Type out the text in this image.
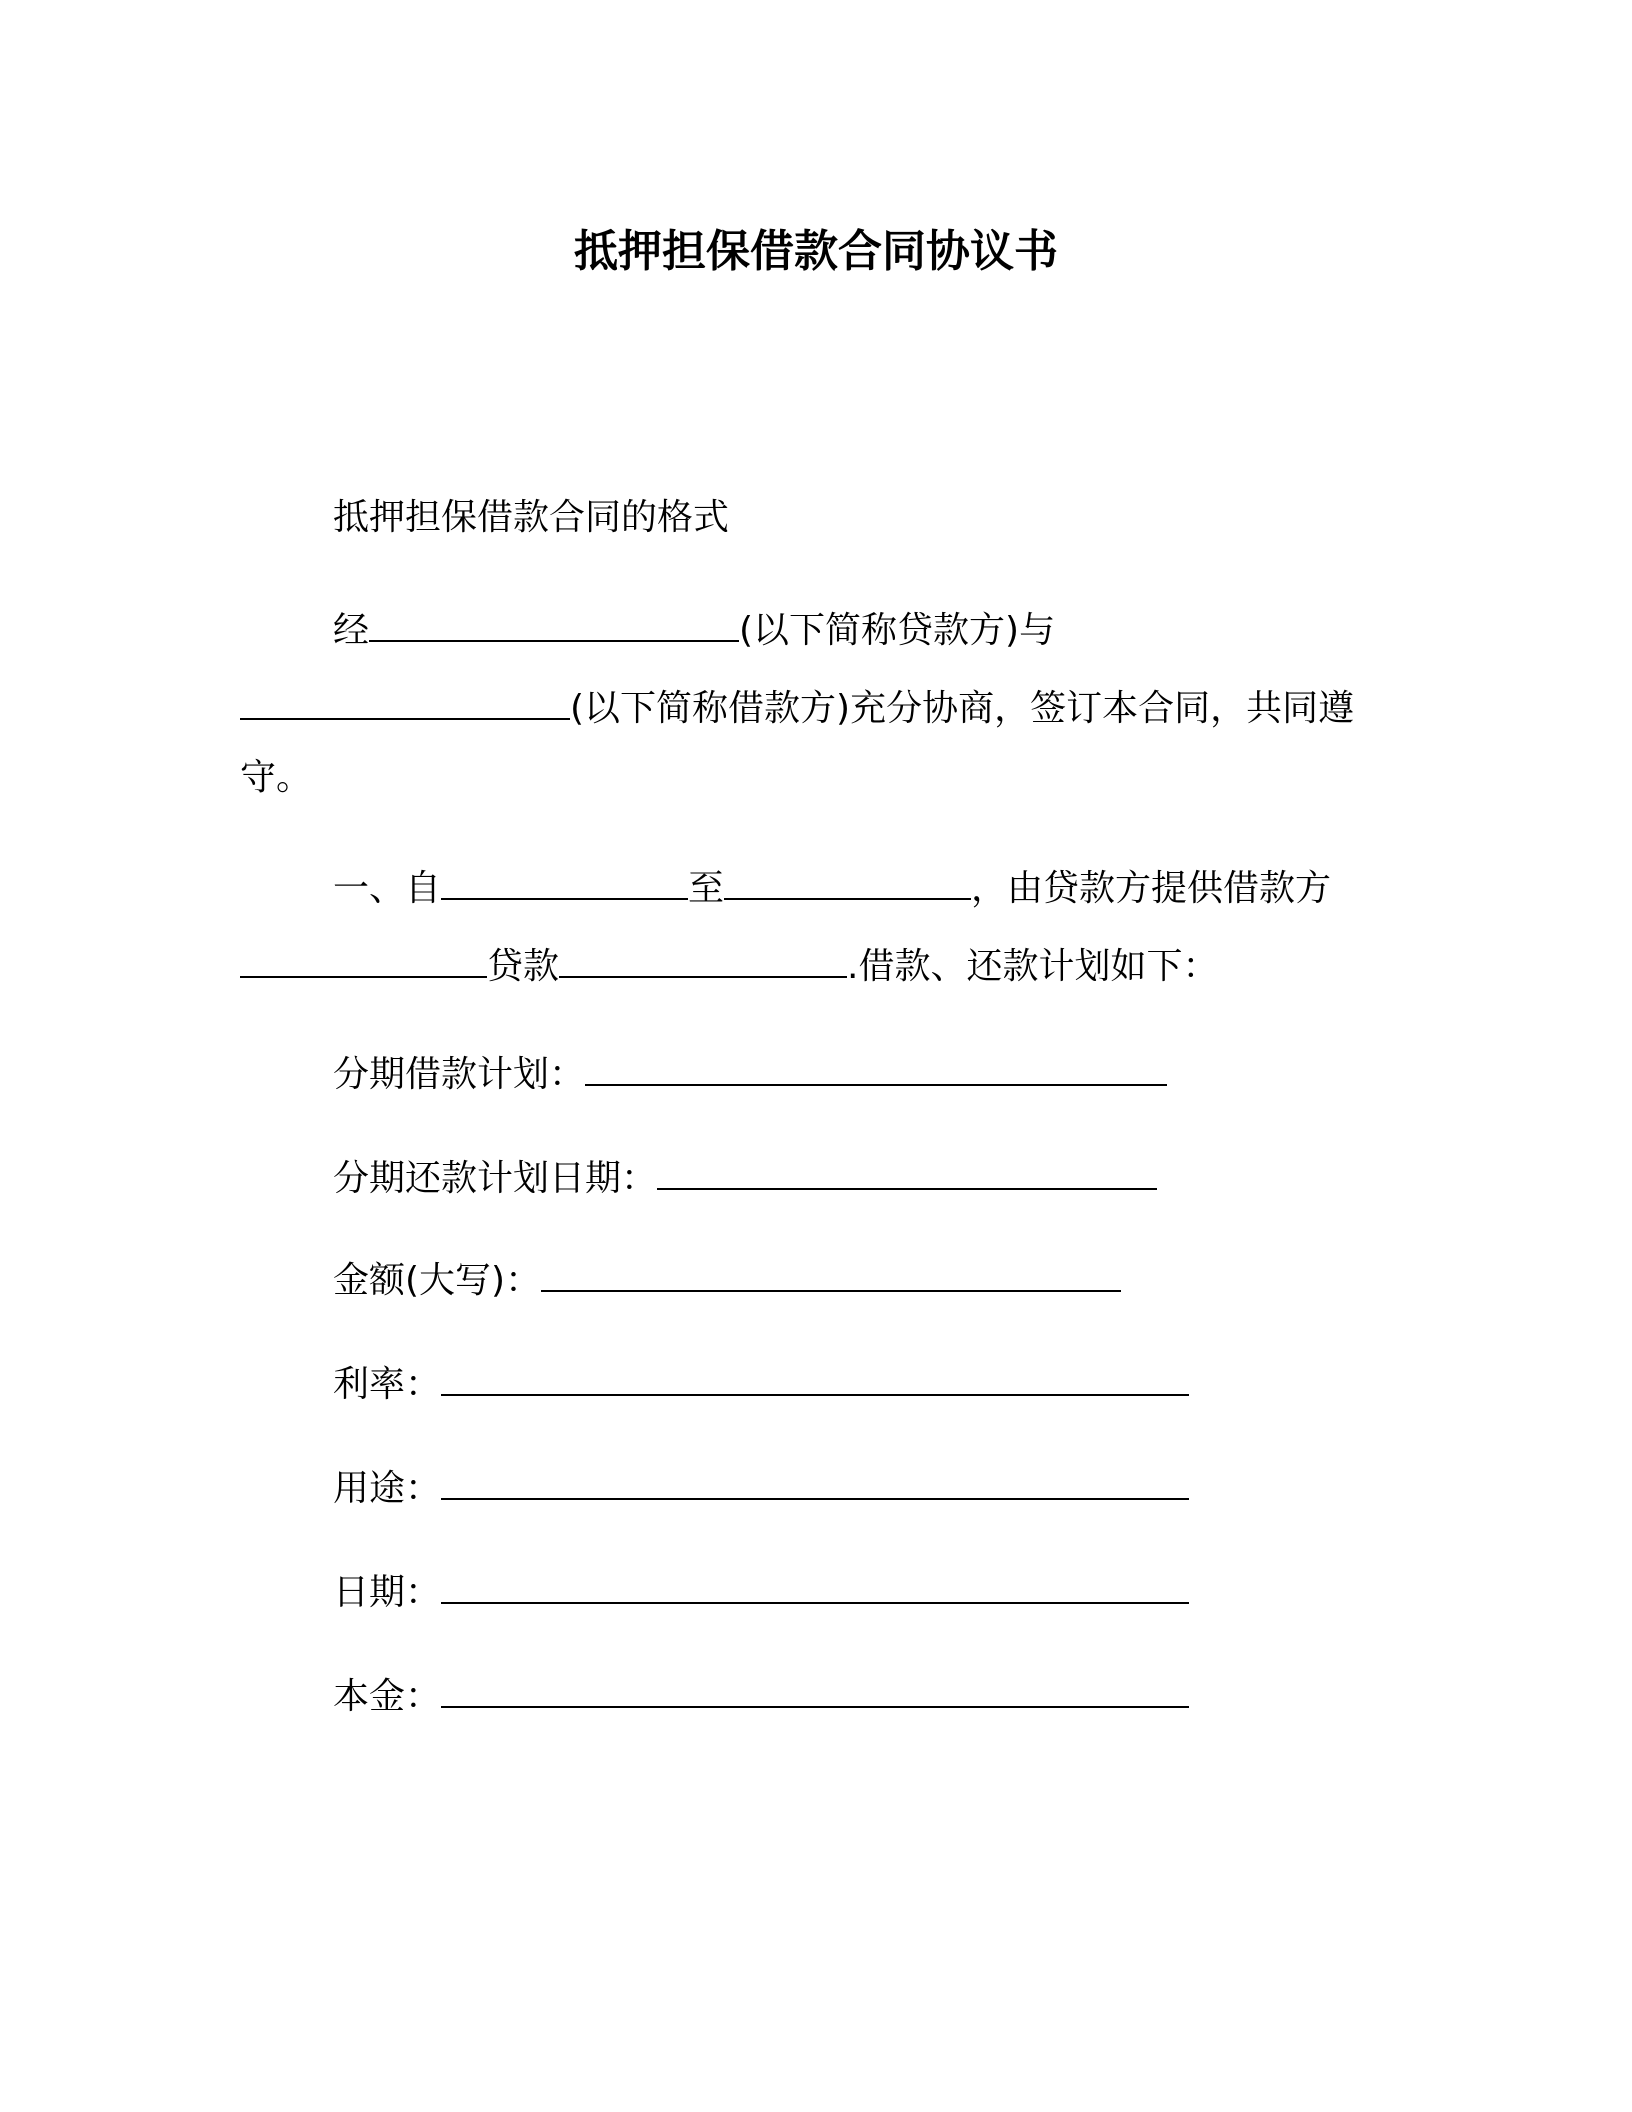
抵押担保借款合同协议书
抵押担保借款合同的格式
经	(以下简称贷款方)与
(以下简称借款方)充分协商，签订本合同，共同遵
守。
一、自	至	，由贷款方提供借款方
贷款	.借款、还款计划如下：
分期借款计划：
分期还款计划日期：
金额(大写)：
利率：
用途：
日期：
本金：
